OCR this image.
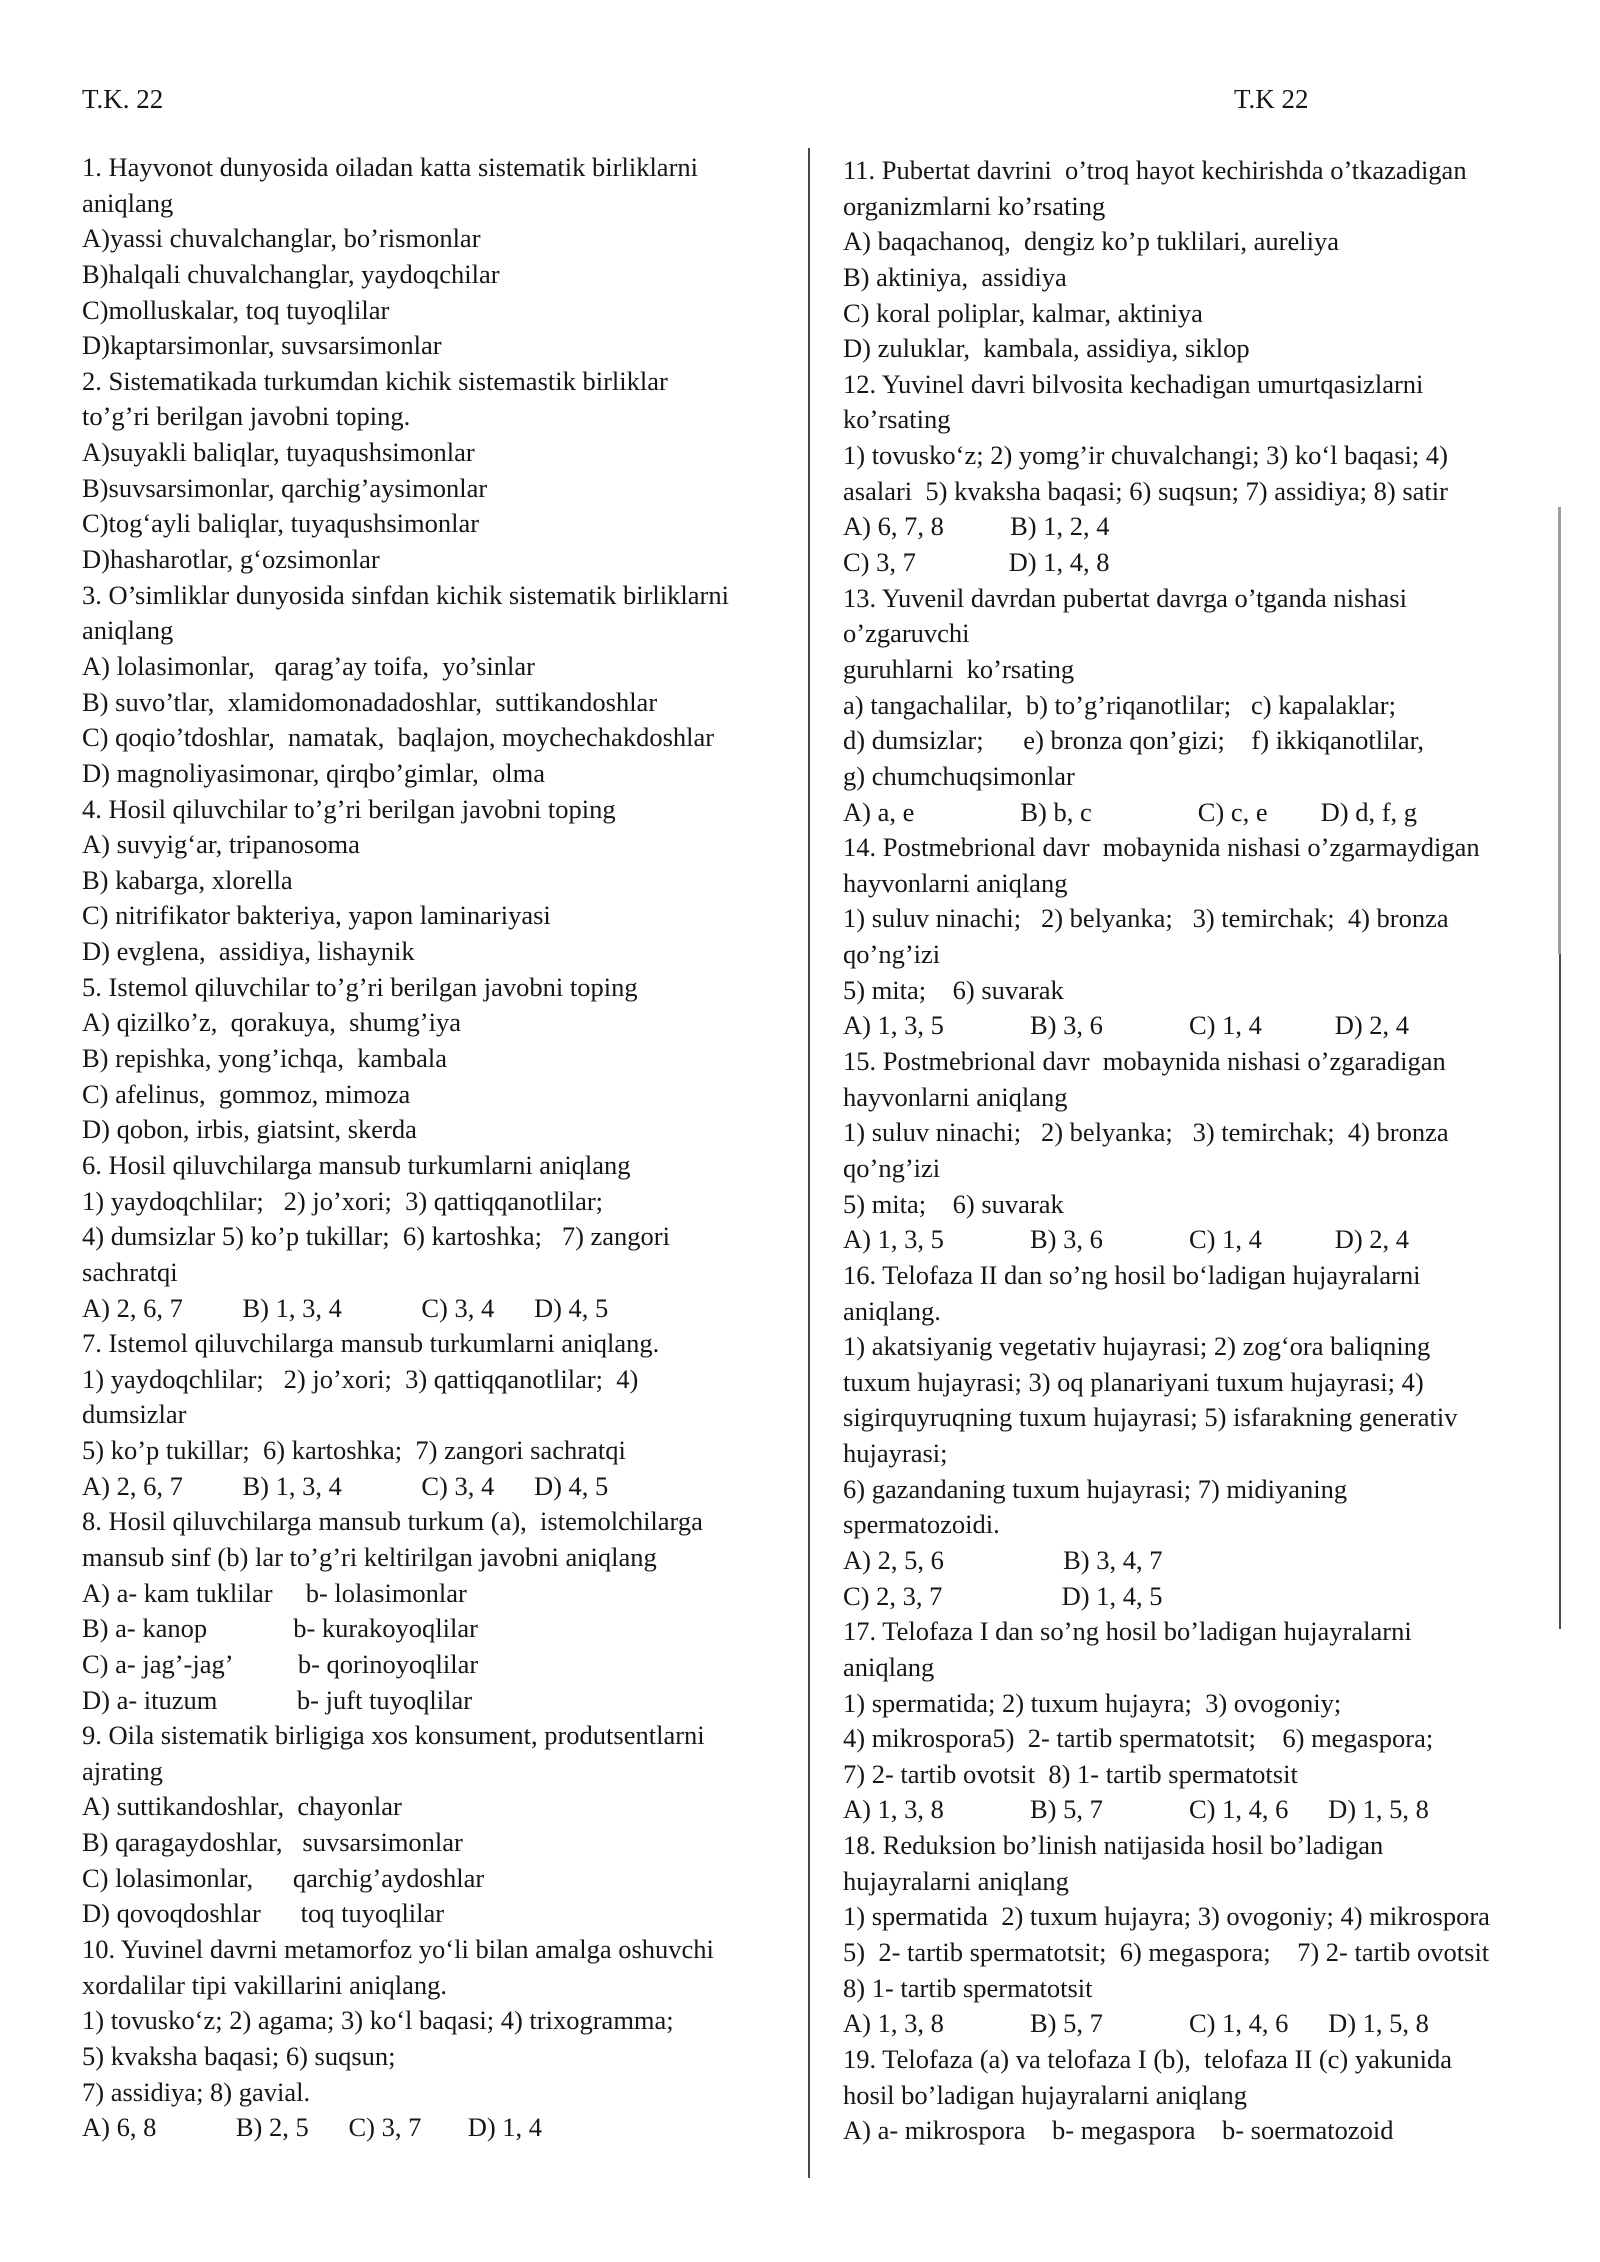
T.K. 22	T.K 22
1. Hayvonot dunyosida oiladan katta sistematik birliklarni
aniqlang
A)yassi chuvalchanglar, bo’rismonlar
B)halqali chuvalchanglar, yaydoqchilar
C)molluskalar, toq tuyoqlilar
D)kaptarsimonlar, suvsarsimonlar
2. Sistematikada turkumdan kichik sistemastik birliklar
to’g’ri berilgan javobni toping.
A)suyakli baliqlar, tuyaqushsimonlar
B)suvsarsimonlar, qarchig’aysimonlar
C)togʻayli baliqlar, tuyaqushsimonlar
D)hasharotlar, gʻozsimonlar
3. O’simliklar dunyosida sinfdan kichik sistematik birliklarni
aniqlang
A) lolasimonlar,   qarag’ay toifa,  yo’sinlar
B) suvo’tlar,  xlamidomonadadoshlar,  suttikandoshlar
C) qoqio’tdoshlar,  namatak,  baqlajon, moychechakdoshlar
D) magnoliyasimonar, qirqbo’gimlar,  olma
4. Hosil qiluvchilar to’g’ri berilgan javobni toping
A) suvyigʻar, tripanosoma
B) kabarga, xlorella
C) nitrifikator bakteriya, yapon laminariyasi
D) evglena,  assidiya, lishaynik
5. Istemol qiluvchilar to’g’ri berilgan javobni toping
A) qizilko’z,  qorakuya,  shumg’iya
B) repishka, yong’ichqa,  kambala
C) afelinus,  gommoz, mimoza
D) qobon, irbis, giatsint, skerda
6. Hosil qiluvchilarga mansub turkumlarni aniqlang
1) yaydoqchlilar;   2) jo’xori;  3) qattiqqanotlilar;
4) dumsizlar 5) ko’p tukillar;  6) kartoshka;   7) zangori
sachratqi
A) 2, 6, 7         B) 1, 3, 4            C) 3, 4      D) 4, 5
7. Istemol qiluvchilarga mansub turkumlarni aniqlang.
1) yaydoqchlilar;   2) jo’xori;  3) qattiqqanotlilar;  4)
dumsizlar
5) ko’p tukillar;  6) kartoshka;  7) zangori sachratqi
A) 2, 6, 7         B) 1, 3, 4            C) 3, 4      D) 4, 5
8. Hosil qiluvchilarga mansub turkum (a),  istemolchilarga
mansub sinf (b) lar to’g’ri keltirilgan javobni aniqlang
A) a- kam tuklilar     b- lolasimonlar
B) a- kanop             b- kurakoyoqlilar
C) a- jag’-jag’          b- qorinoyoqlilar
D) a- ituzum            b- juft tuyoqlilar
9. Oila sistematik birligiga xos konsument, produtsentlarni
ajrating
A) suttikandoshlar,  chayonlar
B) qaragaydoshlar,   suvsarsimonlar
C) lolasimonlar,      qarchig’aydoshlar
D) qovoqdoshlar      toq tuyoqlilar
10. Yuvinel davrni metamorfoz yoʻli bilan amalga oshuvchi
xordalilar tipi vakillarini aniqlang.
1) tovuskoʻz; 2) agama; 3) koʻl baqasi; 4) trixogramma;
5) kvaksha baqasi; 6) suqsun;
7) assidiya; 8) gavial.
A) 6, 8            B) 2, 5      C) 3, 7       D) 1, 4
11. Pubertat davrini  o’troq hayot kechirishda o’tkazadigan
organizmlarni ko’rsating
A) baqachanoq,  dengiz ko’p tuklilari, aureliya
B) aktiniya,  assidiya
C) koral poliplar, kalmar, aktiniya
D) zuluklar,  kambala, assidiya, siklop
12. Yuvinel davri bilvosita kechadigan umurtqasizlarni
ko’rsating
1) tovuskoʻz; 2) yomg’ir chuvalchangi; 3) koʻl baqasi; 4)
asalari  5) kvaksha baqasi; 6) suqsun; 7) assidiya; 8) satir
A) 6, 7, 8          B) 1, 2, 4
C) 3, 7              D) 1, 4, 8
13. Yuvenil davrdan pubertat davrga o’tganda nishasi
o’zgaruvchi
guruhlarni  ko’rsating
a) tangachalilar,  b) to’g’riqanotlilar;   c) kapalaklar;
d) dumsizlar;      e) bronza qon’gizi;    f) ikkiqanotlilar,
g) chumchuqsimonlar
A) a, e                B) b, c                C) c, e        D) d, f, g
14. Postmebrional davr  mobaynida nishasi o’zgarmaydigan
hayvonlarni aniqlang
1) suluv ninachi;   2) belyanka;   3) temirchak;  4) bronza
qo’ng’izi
5) mita;    6) suvarak
A) 1, 3, 5             B) 3, 6             C) 1, 4           D) 2, 4
15. Postmebrional davr  mobaynida nishasi o’zgaradigan
hayvonlarni aniqlang
1) suluv ninachi;   2) belyanka;   3) temirchak;  4) bronza
qo’ng’izi
5) mita;    6) suvarak
A) 1, 3, 5             B) 3, 6             C) 1, 4           D) 2, 4
16. Telofaza II dan so’ng hosil boʻladigan hujayralarni
aniqlang.
1) akatsiyanig vegetativ hujayrasi; 2) zogʻora baliqning
tuxum hujayrasi; 3) oq planariyani tuxum hujayrasi; 4)
sigirquyruqning tuxum hujayrasi; 5) isfarakning generativ
hujayrasi;
6) gazandaning tuxum hujayrasi; 7) midiyaning
spermatozoidi.
A) 2, 5, 6                  B) 3, 4, 7
C) 2, 3, 7                  D) 1, 4, 5
17. Telofaza I dan so’ng hosil bo’ladigan hujayralarni
aniqlang
1) spermatida; 2) tuxum hujayra;  3) ovogoniy;
4) mikrospora5)  2- tartib spermatotsit;    6) megaspora;
7) 2- tartib ovotsit  8) 1- tartib spermatotsit
A) 1, 3, 8             B) 5, 7             C) 1, 4, 6      D) 1, 5, 8
18. Reduksion bo’linish natijasida hosil bo’ladigan
hujayralarni aniqlang
1) spermatida  2) tuxum hujayra; 3) ovogoniy; 4) mikrospora
5)  2- tartib spermatotsit;  6) megaspora;    7) 2- tartib ovotsit
8) 1- tartib spermatotsit
A) 1, 3, 8             B) 5, 7             C) 1, 4, 6      D) 1, 5, 8
19. Telofaza (a) va telofaza I (b),  telofaza II (c) yakunida
hosil bo’ladigan hujayralarni aniqlang
A) a- mikrospora    b- megaspora    b- soermatozoid
